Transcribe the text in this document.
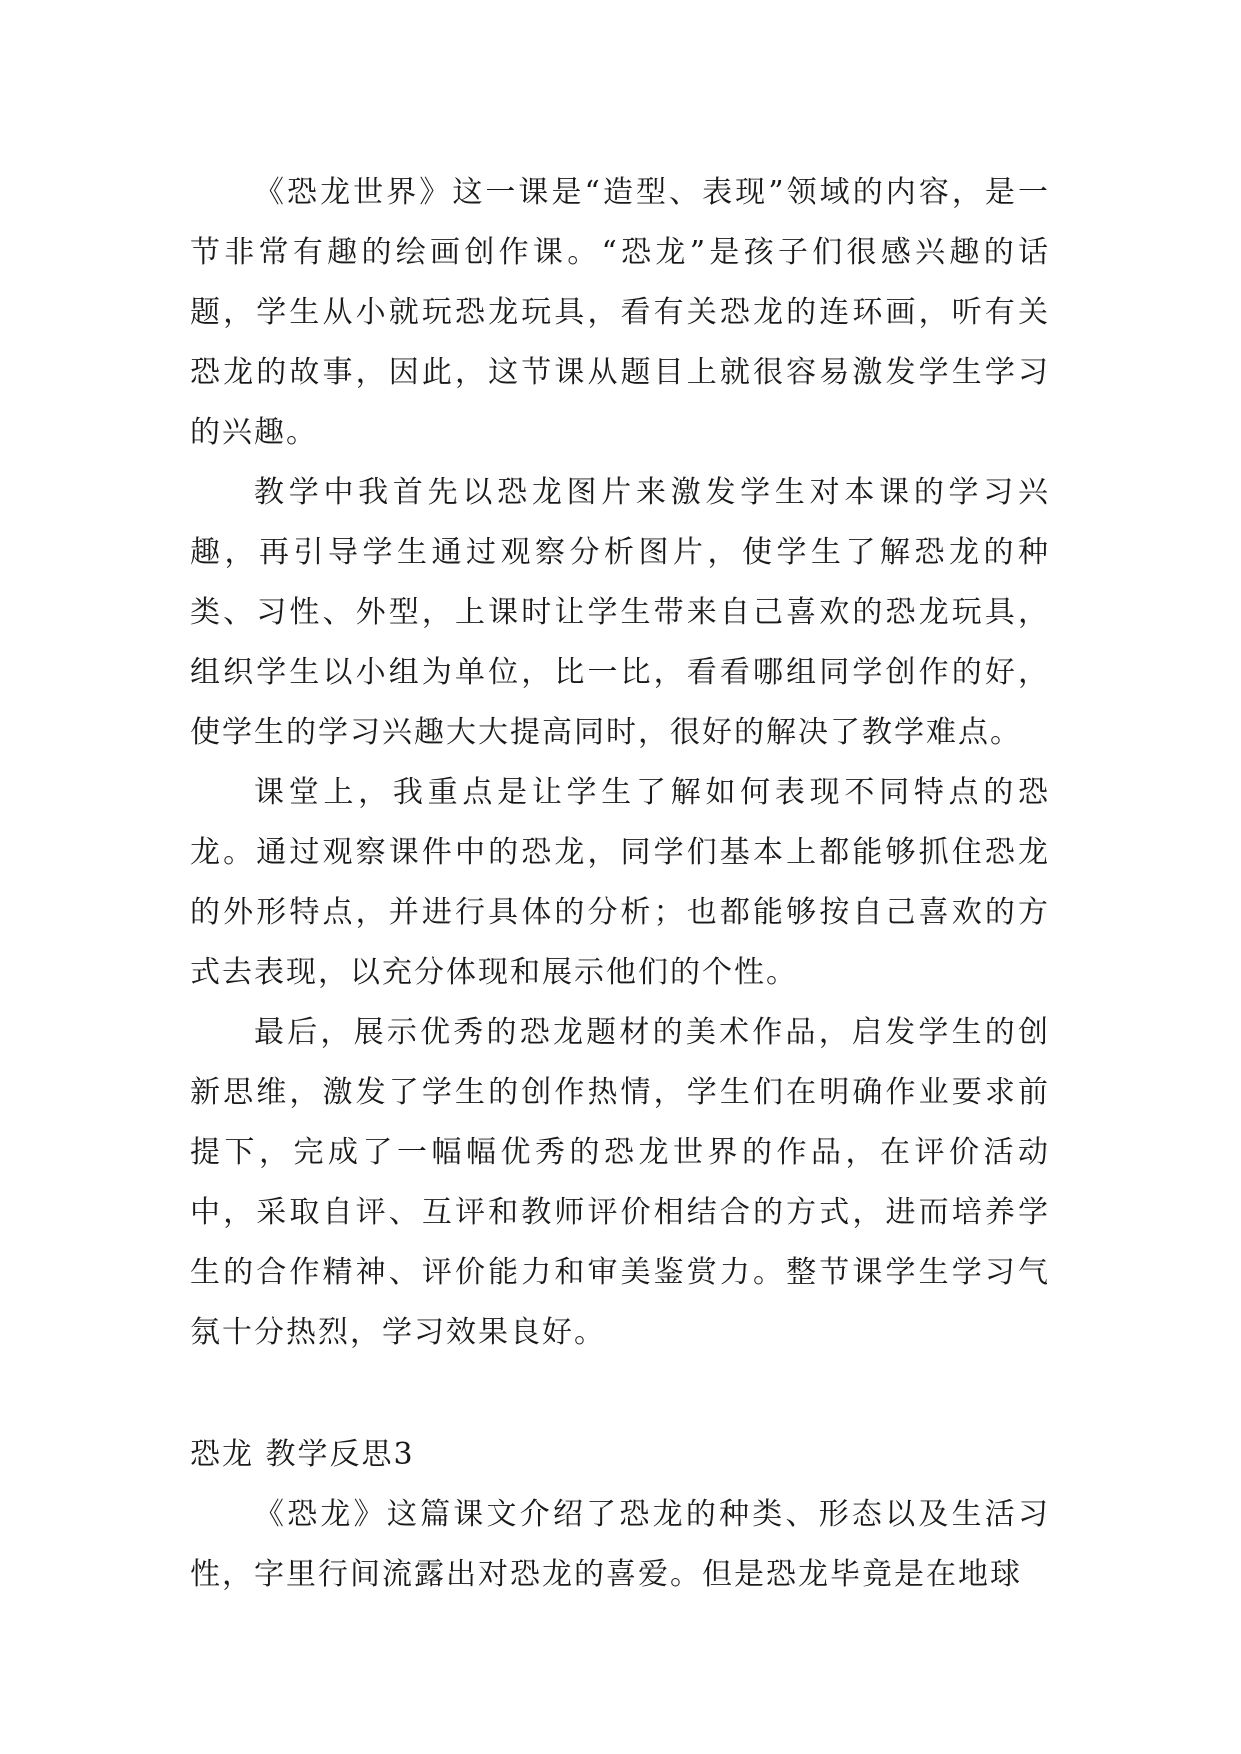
《恐龙世界》这一课是“造型、表现”领域的内容，是一节非常有趣的绘画创作课。“恐龙”是孩子们很感兴趣的话题，学生从小就玩恐龙玩具，看有关恐龙的连环画，听有关恐龙的故事，因此，这节课从题目上就很容易激发学生学习的兴趣。

教学中我首先以恐龙图片来激发学生对本课的学习兴趣，再引导学生通过观察分析图片，使学生了解恐龙的种类、习性、外型，上课时让学生带来自己喜欢的恐龙玩具，组织学生以小组为单位，比一比，看看哪组同学创作的好，使学生的学习兴趣大大提高同时，很好的解决了教学难点。

课堂上，我重点是让学生了解如何表现不同特点的恐龙。通过观察课件中的恐龙，同学们基本上都能够抓住恐龙的外形特点，并进行具体的分析；也都能够按自己喜欢的方式去表现，以充分体现和展示他们的个性。

最后，展示优秀的恐龙题材的美术作品，启发学生的创新思维，激发了学生的创作热情，学生们在明确作业要求前提下，完成了一幅幅优秀的恐龙世界的作品，在评价活动中，采取自评、互评和教师评价相结合的方式，进而培养学生的合作精神、评价能力和审美鉴赏力。整节课学生学习气氛十分热烈，学习效果良好。

恐龙 教学反思3

《恐龙》这篇课文介绍了恐龙的种类、形态以及生活习性，字里行间流露出对恐龙的喜爱。但是恐龙毕竟是在地球
